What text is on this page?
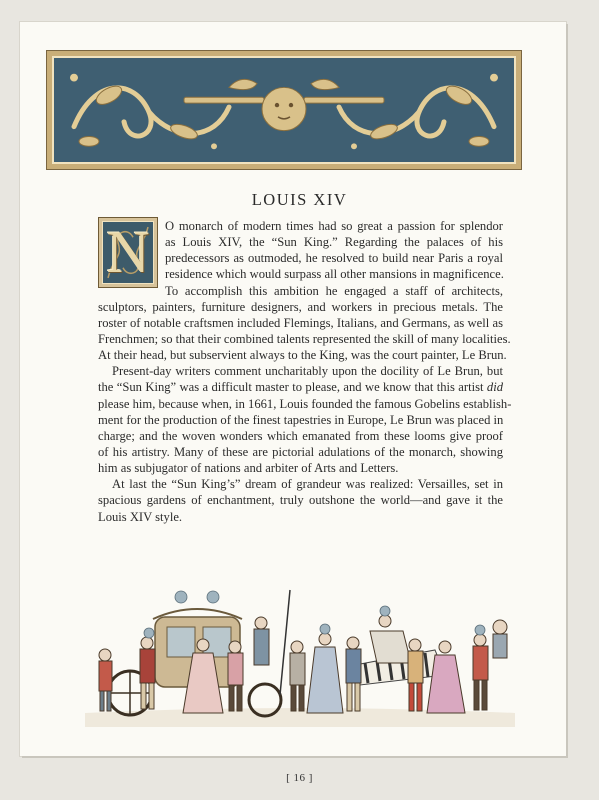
LOUIS XIV
N	O monarch of modern times had so great a passion for splendor
as Louis XIV, the “Sun King.” Regarding the palaces of his
predecessors as outmoded, he resolved to build near Paris a royal
residence which would surpass all other mansions in magnificence.
To accomplish this ambition he engaged a staff of architects,
sculptors, painters, furniture designers, and workers in precious metals. The
roster of notable craftsmen included Flemings, Italians, and Germans, as well as
Frenchmen; so that their combined talents represented the skill of many localities.
At their head, but subservient always to the King, was the court painter, Le Brun.
Present-day writers comment uncharitably upon the docility of Le Brun, but
the “Sun King” was a difficult master to please, and we know that this artist did
please him, because when, in 1661, Louis founded the famous Gobelins establish-
ment for the production of the finest tapestries in Europe, Le Brun was placed in
charge; and the woven wonders which emanated from these looms give proof
of his artistry. Many of these are pictorial adulations of the monarch, showing
him as subjugator of nations and arbiter of Arts and Letters.
At last the “Sun King’s” dream of grandeur was realized: Versailles, set in
spacious gardens of enchantment, truly outshone the world—and gave it the
Louis XIV style.
[ 16 ]
